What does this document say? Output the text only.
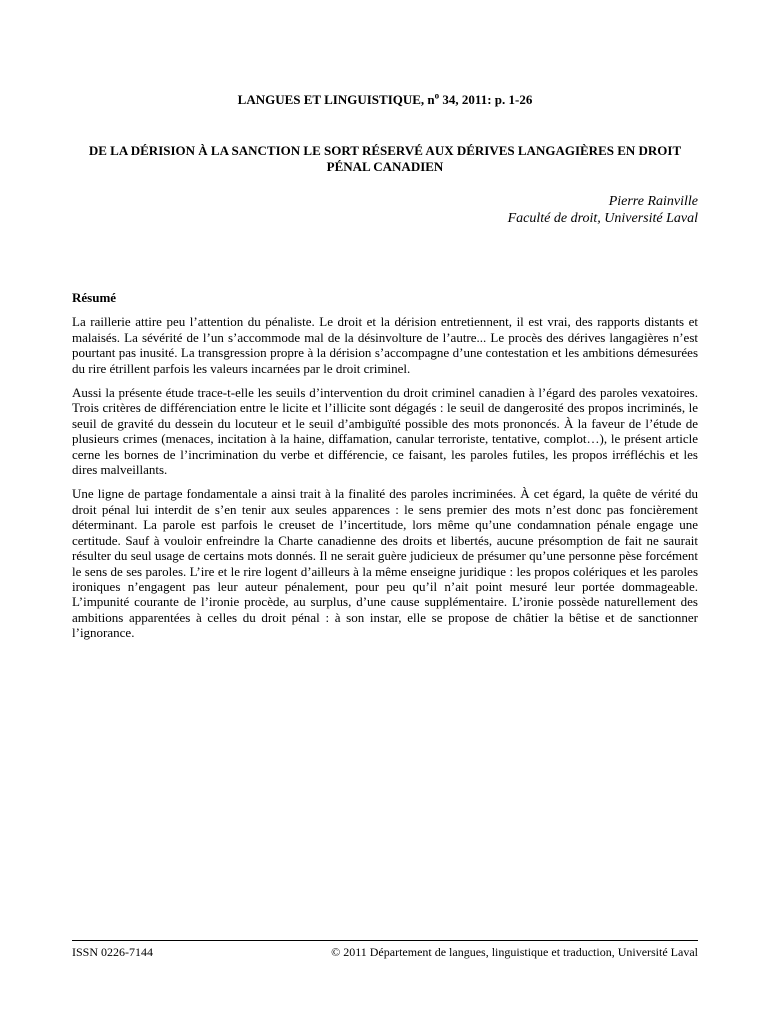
LANGUES ET LINGUISTIQUE, $n^o$ 34, 2011: p. 1-26
DE LA DÉRISION À LA SANCTION LE SORT RÉSERVÉ AUX DÉRIVES LANGAGIÈRES EN DROIT PÉNAL CANADIEN
Pierre Rainville
Faculté de droit, Université Laval
Résumé

La raillerie attire peu l’attention du pénaliste. Le droit et la dérision entretiennent, il est vrai, des rapports distants et malaisés. La sévérité de l’un s’accommode mal de la désinvolture de l’autre... Le procès des dérives langagières n’est pourtant pas inusité. La transgression propre à la dérision s’accompagne d’une contestation et les ambitions démesurées du rire étrillent parfois les valeurs incarnées par le droit criminel.

Aussi la présente étude trace-t-elle les seuils d’intervention du droit criminel canadien à l’égard des paroles vexatoires. Trois critères de différenciation entre le licite et l’illicite sont dégagés : le seuil de dangerosité des propos incriminés, le seuil de gravité du dessein du locuteur et le seuil d’ambiguïté possible des mots prononcés. À la faveur de l’étude de plusieurs crimes (menaces, incitation à la haine, diffamation, canular terroriste, tentative, complot…), le présent article cerne les bornes de l’incrimination du verbe et différencie, ce faisant, les paroles futiles, les propos irréfléchis et les dires malveillants.

Une ligne de partage fondamentale a ainsi trait à la finalité des paroles incriminées. À cet égard, la quête de vérité du droit pénal lui interdit de s’en tenir aux seules apparences : le sens premier des mots n’est donc pas foncièrement déterminant. La parole est parfois le creuset de l’incertitude, lors même qu’une condamnation pénale engage une certitude. Sauf à vouloir enfreindre la Charte canadienne des droits et libertés, aucune présomption de fait ne saurait résulter du seul usage de certains mots donnés. Il ne serait guère judicieux de présumer qu’une personne pèse forcément le sens de ses paroles. L’ire et le rire logent d’ailleurs à la même enseigne juridique : les propos colériques et les paroles ironiques n’engagent pas leur auteur pénalement, pour peu qu’il n’ait point mesuré leur portée dommageable. L’impunité courante de l’ironie procède, au surplus, d’une cause supplémentaire. L’ironie possède naturellement des ambitions apparentées à celles du droit pénal : à son instar, elle se propose de châtier la bêtise et de sanctionner l’ignorance.

ISSN 0226-7144	© 2011 Département de langues, linguistique et traduction, Université Laval
